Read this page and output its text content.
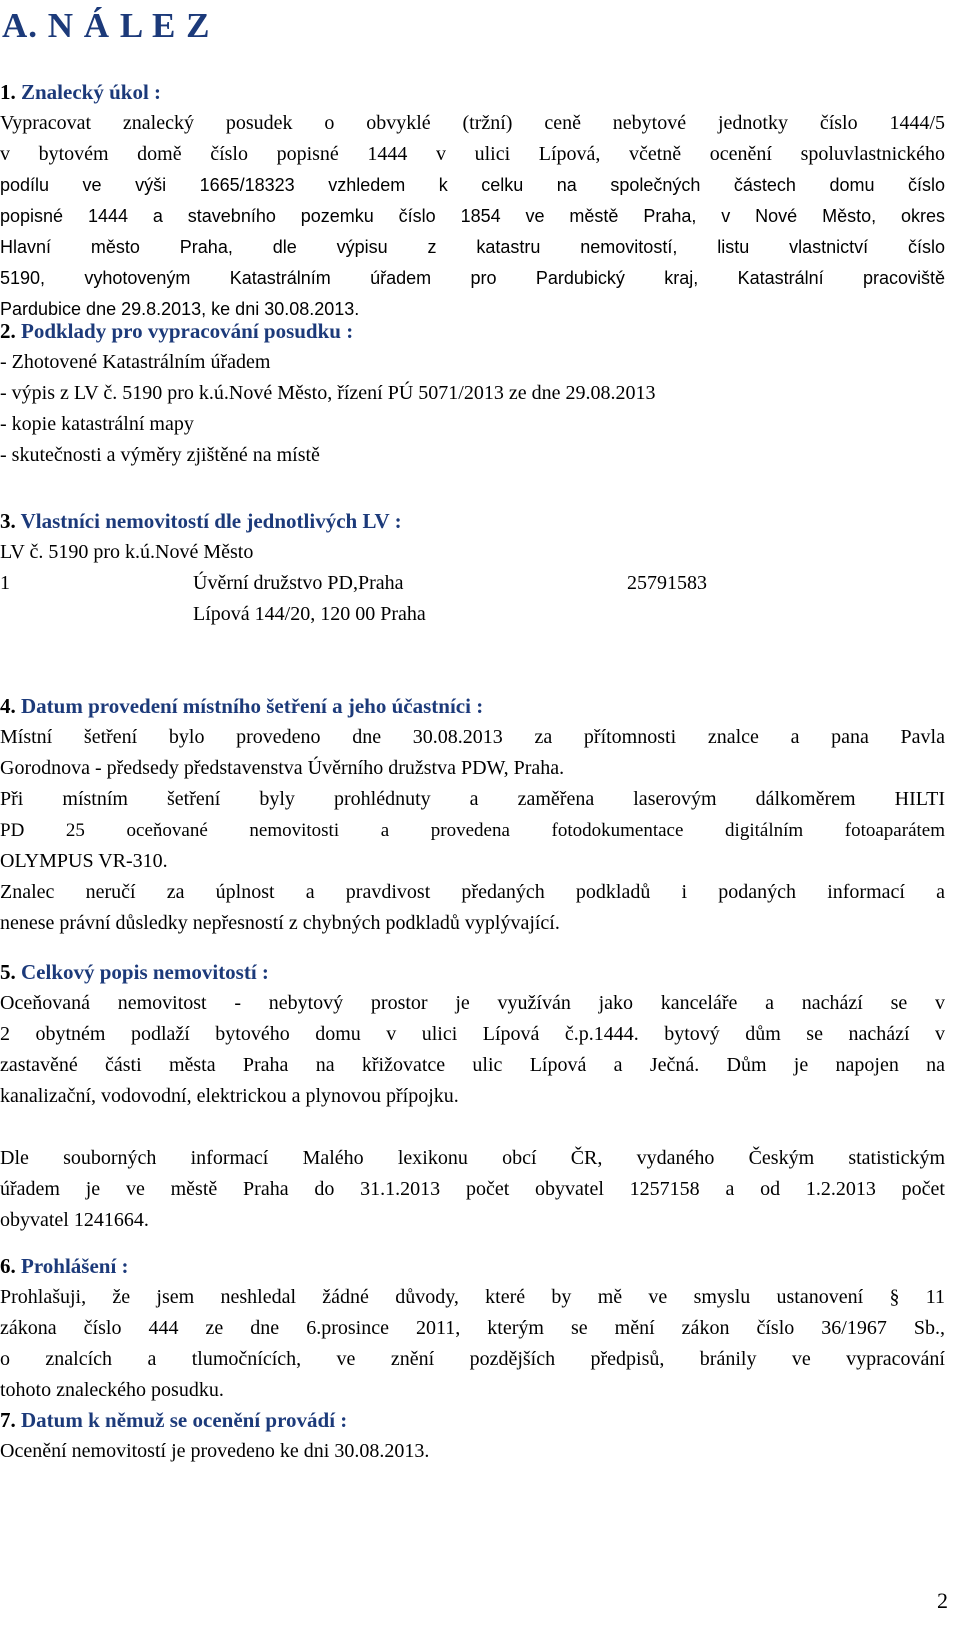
A. N Á L E Z
1. Znalecký úkol :
Vypracovat znalecký posudek o obvyklé (tržní) ceně nebytové jednotky číslo 1444/5
v bytovém domě číslo popisné 1444 v ulici Lípová, včetně ocenění spoluvlastnického
podílu ve výši 1665/18323 vzhledem k celku na společných částech domu číslo
popisné 1444 a stavebního pozemku číslo 1854 ve městě Praha, v Nové Město, okres
Hlavní město Praha, dle výpisu z katastru nemovitostí, listu vlastnictví číslo
5190, vyhotoveným Katastrálním úřadem pro Pardubický kraj, Katastrální pracoviště
Pardubice dne 29.8.2013, ke dni 30.08.2013.
2. Podklady pro vypracování posudku :
- Zhotovené Katastrálním úřadem
- výpis z LV č. 5190 pro k.ú.Nové Město, řízení PÚ 5071/2013 ze dne 29.08.2013
- kopie katastrální mapy
- skutečnosti a výměry zjištěné na místě
3. Vlastníci nemovitostí dle jednotlivých LV :
LV č. 5190 pro k.ú.Nové Město
1	Úvěrní družstvo PD,Praha	25791583
Lípová 144/20, 120 00 Praha
4. Datum provedení místního šetření a jeho účastníci :
Místní šetření bylo provedeno dne 30.08.2013 za přítomnosti znalce a pana Pavla
Gorodnova - předsedy představenstva Úvěrního družstva PDW, Praha.
Při místním šetření byly prohlédnuty a zaměřena laserovým dálkoměrem HILTI
PD 25 oceňované nemovitosti a provedena fotodokumentace digitálním fotoaparátem
OLYMPUS VR-310.
Znalec neručí za úplnost a pravdivost předaných podkladů i podaných informací a
nenese právní důsledky nepřesností z chybných podkladů vyplývající.
5. Celkový popis nemovitostí :
Oceňovaná nemovitost - nebytový prostor je využíván jako kanceláře a nachází se v
2 obytném podlaží bytového domu v ulici Lípová č.p.1444. bytový dům se nachází v
zastavěné části města Praha na křižovatce ulic Lípová a Ječná. Dům je napojen na
kanalizační, vodovodní, elektrickou a plynovou přípojku.
Dle souborných informací Malého lexikonu obcí ČR, vydaného Českým statistickým
úřadem je ve městě Praha do 31.1.2013 počet obyvatel 1257158 a od 1.2.2013 počet
obyvatel 1241664.
6. Prohlášení :
Prohlašuji, že jsem neshledal žádné důvody, které by mě ve smyslu ustanovení § 11
zákona číslo 444 ze dne 6.prosince 2011, kterým se mění zákon číslo 36/1967 Sb.,
o znalcích a tlumočnících, ve znění pozdějších předpisů, bránily ve vypracování
tohoto znaleckého posudku.
7. Datum k němuž se ocenění provádí :
Ocenění nemovitostí je provedeno ke dni 30.08.2013.
2
